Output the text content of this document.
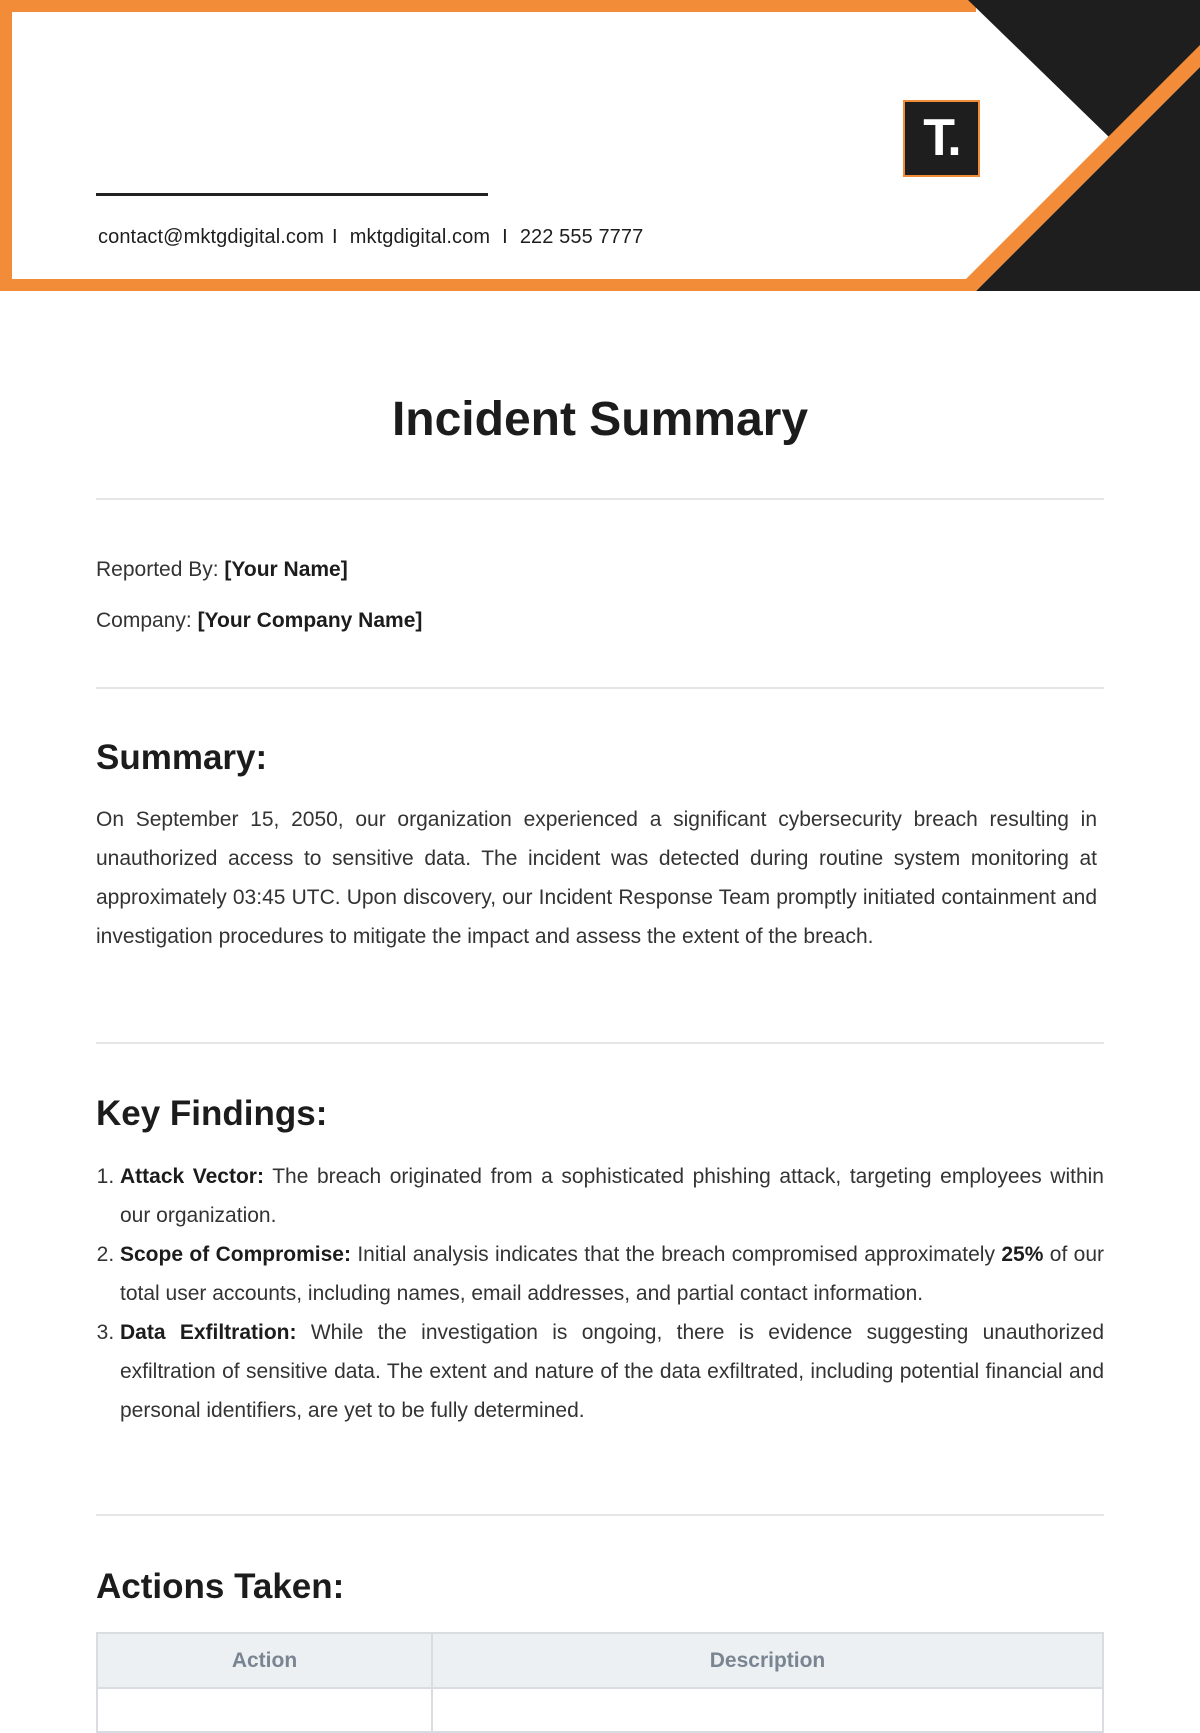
contact@mktgdigital.com I mktgdigital.com I 222 555 7777
T.
Incident Summary
Reported By: [Your Name]
Company: [Your Company Name]
Summary:

On September 15, 2050, our organization experienced a significant cybersecurity breach resulting in unauthorized access to sensitive data. The incident was detected during routine system monitoring at approximately 03:45 UTC. Upon discovery, our Incident Response Team promptly initiated containment and investigation procedures to mitigate the impact and assess the extent of the breach.

Key Findings:
1. Attack Vector: The breach originated from a sophisticated phishing attack, targeting employees within our organization.
2. Scope of Compromise: Initial analysis indicates that the breach compromised approximately 25% of our total user accounts, including names, email addresses, and partial contact information.
3. Data Exfiltration: While the investigation is ongoing, there is evidence suggesting unauthorized exfiltration of sensitive data. The extent and nature of the data exfiltrated, including potential financial and personal identifiers, are yet to be fully determined.
Actions Taken:
Action	Description
